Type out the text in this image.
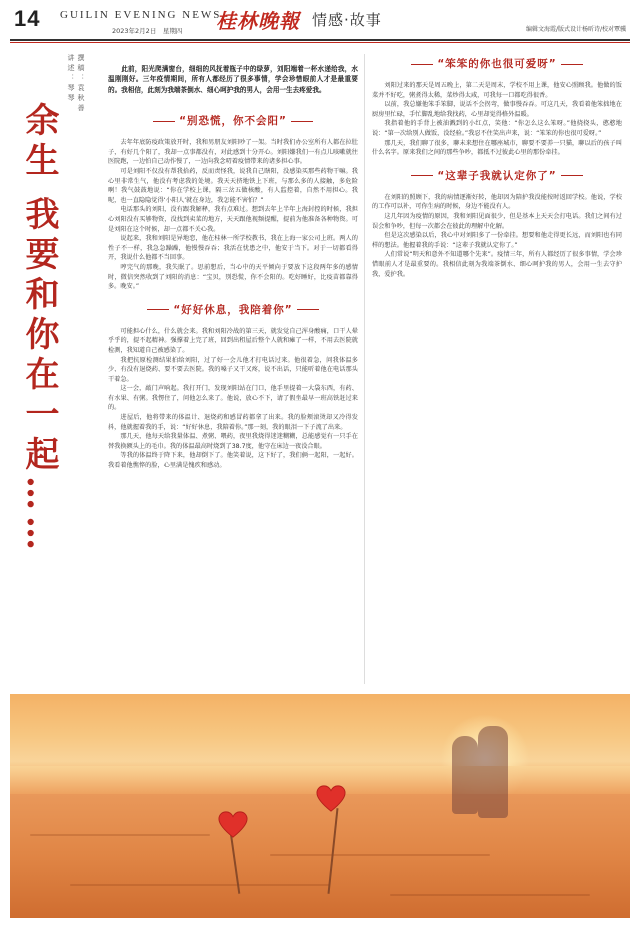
14 GUILIN EVENING NEWS
2023年2月2日　星期四 桂林晚報 情感·故事
编辑文海霞/版式设计杨昕诗/校对覃骥
讲述：琴琴 撰稿：袁秋善
余生我要和你在一起……

此前，阳光爬满窗台，细细的风抚着瓶子中的绿萝，刘阳端着一杯水递给我，水温刚刚好。三年疫情期间，所有人都经历了很多事情，学会珍惜眼前人才是最重要的。我相信，此刻为我端茶倒水、细心呵护我的男人，会用一生去疼爱我。

“别恐慌，你不会阳”

去年年底防疫政策放开时，我和男朋友刘阳吵了一架。当时我们办公室所有人都在拉肚子，有好几个阳了，我却一点事都没有，对此感到十分开心。刘阳嫌我们一有点儿咳嗽就往医院跑，一边怕自己动作慢了，一边向我念叨着疫情带来的诸多担心事。

可是刘阳不仅没有帮我拾药，反而责怪我，说我自己瞎阳，没感染买那些药物干嘛。我心里非常生气，他没有考虑我的处境。我天天挤地铁上下班，与那么多的人接触，多危险啊！我气鼓鼓地说：“你在学校上课，隔三岔五做核酸，有人监控着，自然不用担心。我呢，也一直隐隐觉得‘小阳人’就在身边，我怎能不害怕？”

电话那头的刘阳，没有跟我解释，我有点难过。想到去年上半年上海封控的时候，我担心刘阳没有买够物资，没找到卖菜的地方，天天跟他视频提醒，提前为他准备各种物资。可是刘阳在这个时候，却一点都不关心我。

说起来，我和刘阳是异地恋，他在桂林一所学校教书，我在上海一家公司上班。两人的性子不一样，我急急躁躁，他慢慢吞吞；我活在忧患之中，他安于当下。对于一切都看得开，我说什么他都不当回事。

哼完气的那晚，我失眠了。思前想后，当心中的天平倾向于要放下这段两年多的感情时，微信突然收到了刘阳的消息：“宝贝，别恐慌，你不会阳的。吃好睡好，比疫苗都靠得多。晚安。”

“好好休息，我陪着你”

可能担心什么，什么就会来。我和刘阳冷战的第三天，就发觉自己浑身酸痛，口干人晕乎乎的，提不起精神。强撑着上完了班，回到出租屋后整个人就和瘫了一样，不用去医院就检测，我知道自己被感染了。

我把抗原检测结果拍给刘阳，过了好一会儿他才打电话过来。他很着急，问我体温多少、有没有退烧药、要不要去医院。我的嗓子又干又疼，说不出话，只能听着他在电话那头干着急。

这一会，敲门声响起。我打开门，发现刘阳站在门口，他手里提着一大袋东西，有药、有水果、有粥。我愣住了，问他怎么来了。他说，放心不下，请了假坐最早一班高铁赶过来的。

进屋后，他将带来的体温计、退烧药和感冒药都拿了出来。我的脸颊滚烫却又冷得发抖，他就握着我的手，说：“好好休息，我陪着你。”那一刻，我的眼泪一下子流了出来。

那几天，他每天给我量体温、煮粥、喂药，夜里我烧得迷迷糊糊，总能感觉有一只手在替我换额头上的毛巾。我的体温最高时烧到了38.7度，他守在床边一夜没合眼。

等我的体温终于降下来，他却倒下了。他笑着说，这下好了，我们俩一起阳，一起好。我看着他憔悴的脸，心里满是愧疚和感动。

“笨笨的你也很可爱呀”

刘阳过来的那天是周五晚上，第二天是周末，学校不用上课，他安心照顾我。他做的饭菜并不好吃，粥煮得太稀，菜炒得太咸，可我每一口都吃得很香。

以前，我总嫌他笨手笨脚，说话不会拐弯，做事慢吞吞。可这几天，我看着他笨拙地在厨房里忙碌，手忙脚乱地给我找药，心里却觉得格外温暖。

我指着他的手背上被油溅到的小红点，笑他：“你怎么这么笨呀。”他挠挠头，憨憨地说：“第一次给别人做饭，没经验。”我忍不住笑出声来，说：“笨笨的你也很可爱呀。”

那几天，我们聊了很多，聊未来想住在哪座城市，聊要不要养一只猫，聊以后的孩子叫什么名字。原来我们之间的那些争吵，都抵不过彼此心里的那份牵挂。

“这辈子我就认定你了”

在刘阳的照顾下，我的病情逐渐好转，他却因为陪护我没能按时返回学校。他说，学校的工作可以补，可你生病的时候，身边不能没有人。

这几年因为疫情的原因，我和刘阳见面很少，但是基本上天天会打电话。我们之间有过误会和争吵，但每一次都会在彼此的理解中化解。

但是这次感染以后，我心中对刘阳多了一份牵挂。想要和他走得更长远，而刘阳也有同样的想法。他握着我的手说：“这辈子我就认定你了。”

人们常说“明天和意外不知道哪个先来”。疫情三年，所有人都经历了很多事情，学会珍惜眼前人才是最重要的。我相信此刻为我端茶倒水、细心呵护我的男人，会用一生去守护我，爱护我。
